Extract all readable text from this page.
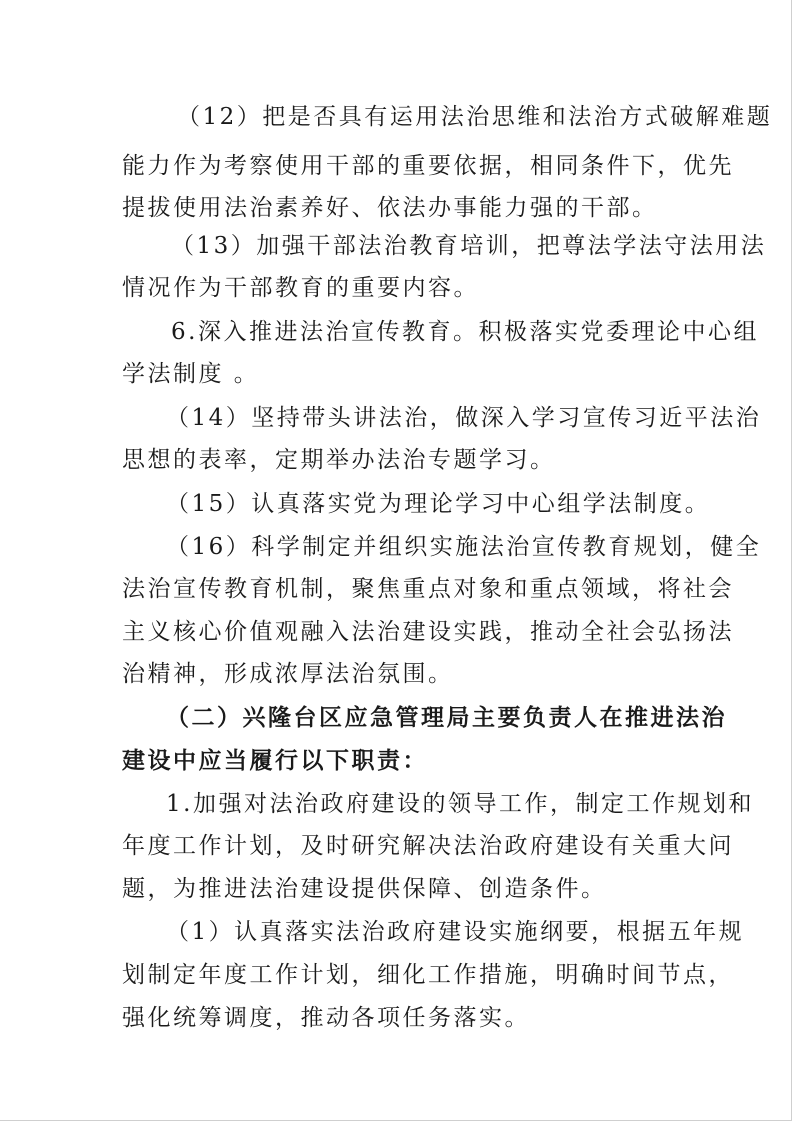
（12）把是否具有运用法治思维和法治方式破解难题
能力作为考察使用干部的重要依据，相同条件下，优先
提拔使用法治素养好、依法办事能力强的干部。
（13）加强干部法治教育培训，把尊法学法守法用法
情况作为干部教育的重要内容。
6.深入推进法治宣传教育。积极落实党委理论中心组
学法制度 。
（14）坚持带头讲法治，做深入学习宣传习近平法治
思想的表率，定期举办法治专题学习。
（15）认真落实党为理论学习中心组学法制度。
（16）科学制定并组织实施法治宣传教育规划，健全
法治宣传教育机制，聚焦重点对象和重点领域，将社会
主义核心价值观融入法治建设实践，推动全社会弘扬法
治精神，形成浓厚法治氛围。
（二）兴隆台区应急管理局主要负责人在推进法治
建设中应当履行以下职责：
1.加强对法治政府建设的领导工作，制定工作规划和
年度工作计划，及时研究解决法治政府建设有关重大问
题，为推进法治建设提供保障、创造条件。
（1）认真落实法治政府建设实施纲要，根据五年规
划制定年度工作计划，细化工作措施，明确时间节点，
强化统筹调度，推动各项任务落实。
